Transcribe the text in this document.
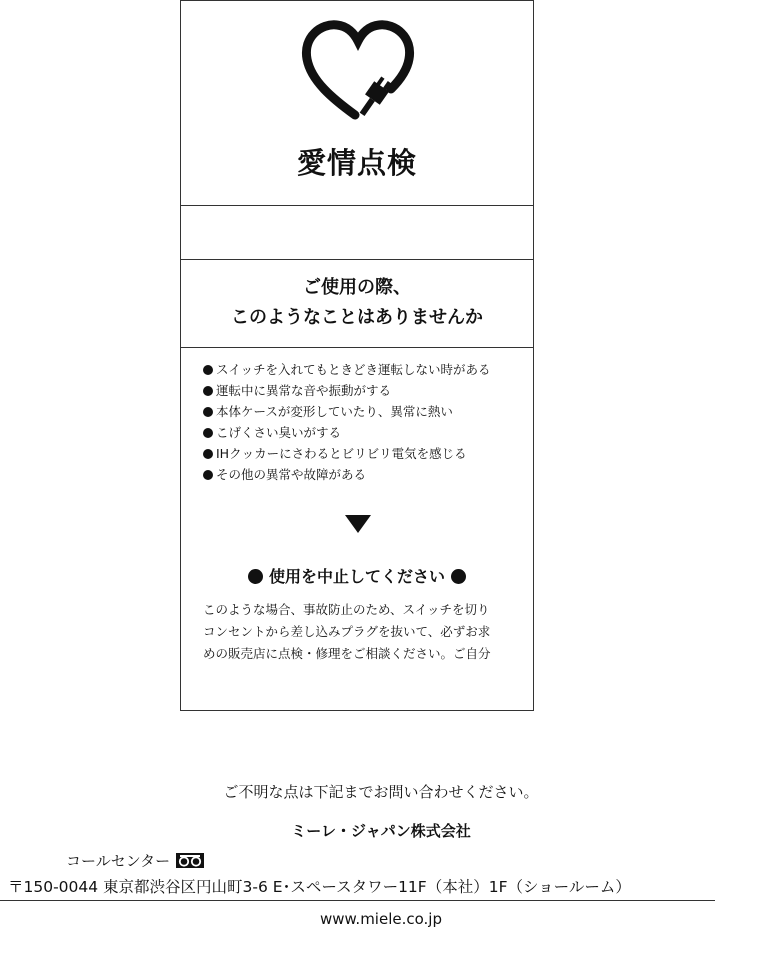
愛情点検
ご使用の際、
このようなことはありませんか
スイッチを入れてもときどき運転しない時がある
運転中に異常な音や振動がする
本体ケースが変形していたり、異常に熱い
こげくさい臭いがする
IHクッカーにさわるとビリビリ電気を感じる
その他の異常や故障がある
使用を中止してください
このような場合、事故防止のため、スイッチを切り
コンセントから差し込みプラグを抜いて、必ずお求
めの販売店に点検・修理をご相談ください。ご自分
ご不明な点は下記までお問い合わせください。
ミーレ・ジャパン株式会社
コールセンター
〒150-0044 東京都渋谷区円山町3-6 E･スペースタワー11F（本社）1F（ショールーム）
www.miele.co.jp
